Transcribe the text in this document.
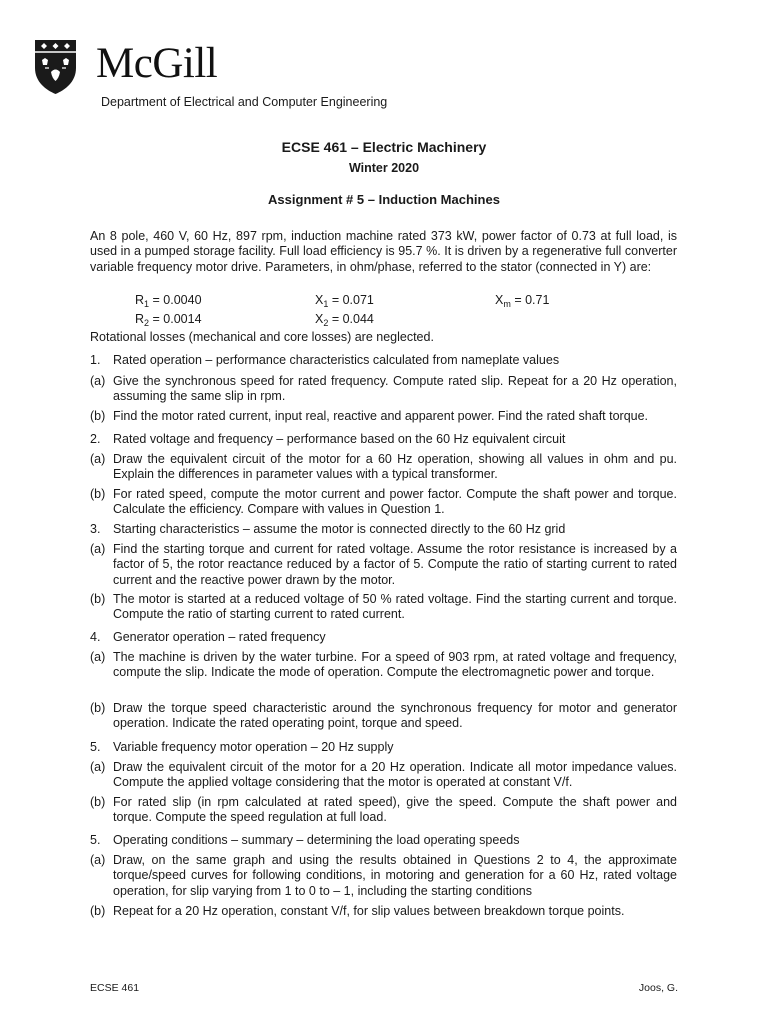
McGill
Department of Electrical and Computer Engineering
ECSE 461 – Electric Machinery
Winter 2020
Assignment # 5 – Induction Machines
An 8 pole, 460 V, 60 Hz, 897 rpm, induction machine rated 373 kW, power factor of 0.73 at full load, is used in a pumped storage facility. Full load efficiency is 95.7 %. It is driven by a regenerative full converter variable frequency motor drive. Parameters, in ohm/phase, referred to the stator (connected in Y) are:
$R_1 = 0.0040$	$X_1 = 0.071$	$X_m = 0.71$
$R_2 = 0.0014$	$X_2 = 0.044$
Rotational losses (mechanical and core losses) are neglected.
1. Rated operation – performance characteristics calculated from nameplate values
(a) Give the synchronous speed for rated frequency. Compute rated slip. Repeat for a 20 Hz operation, assuming the same slip in rpm.
(b) Find the motor rated current, input real, reactive and apparent power. Find the rated shaft torque.
2. Rated voltage and frequency – performance based on the 60 Hz equivalent circuit
(a) Draw the equivalent circuit of the motor for a 60 Hz operation, showing all values in ohm and pu. Explain the differences in parameter values with a typical transformer.
(b) For rated speed, compute the motor current and power factor. Compute the shaft power and torque. Calculate the efficiency. Compare with values in Question 1.
3. Starting characteristics – assume the motor is connected directly to the 60 Hz grid
(a) Find the starting torque and current for rated voltage. Assume the rotor resistance is increased by a factor of 5, the rotor reactance reduced by a factor of 5. Compute the ratio of starting current to rated current and the reactive power drawn by the motor.
(b) The motor is started at a reduced voltage of 50 % rated voltage. Find the starting current and torque. Compute the ratio of starting current to rated current.
4. Generator operation – rated frequency
(a) The machine is driven by the water turbine. For a speed of 903 rpm, at rated voltage and frequency, compute the slip. Indicate the mode of operation. Compute the electromagnetic power and torque.
(b) Draw the torque speed characteristic around the synchronous frequency for motor and generator operation. Indicate the rated operating point, torque and speed.
5. Variable frequency motor operation – 20 Hz supply
(a) Draw the equivalent circuit of the motor for a 20 Hz operation. Indicate all motor impedance values. Compute the applied voltage considering that the motor is operated at constant V/f.
(b) For rated slip (in rpm calculated at rated speed), give the speed. Compute the shaft power and torque. Compute the speed regulation at full load.
5. Operating conditions – summary – determining the load operating speeds
(a) Draw, on the same graph and using the results obtained in Questions 2 to 4, the approximate torque/speed curves for following conditions, in motoring and generation for a 60 Hz, rated voltage operation, for slip varying from 1 to 0 to – 1, including the starting conditions
(b) Repeat for a 20 Hz operation, constant V/f, for slip values between breakdown torque points.
ECSE 461	Joos, G.
